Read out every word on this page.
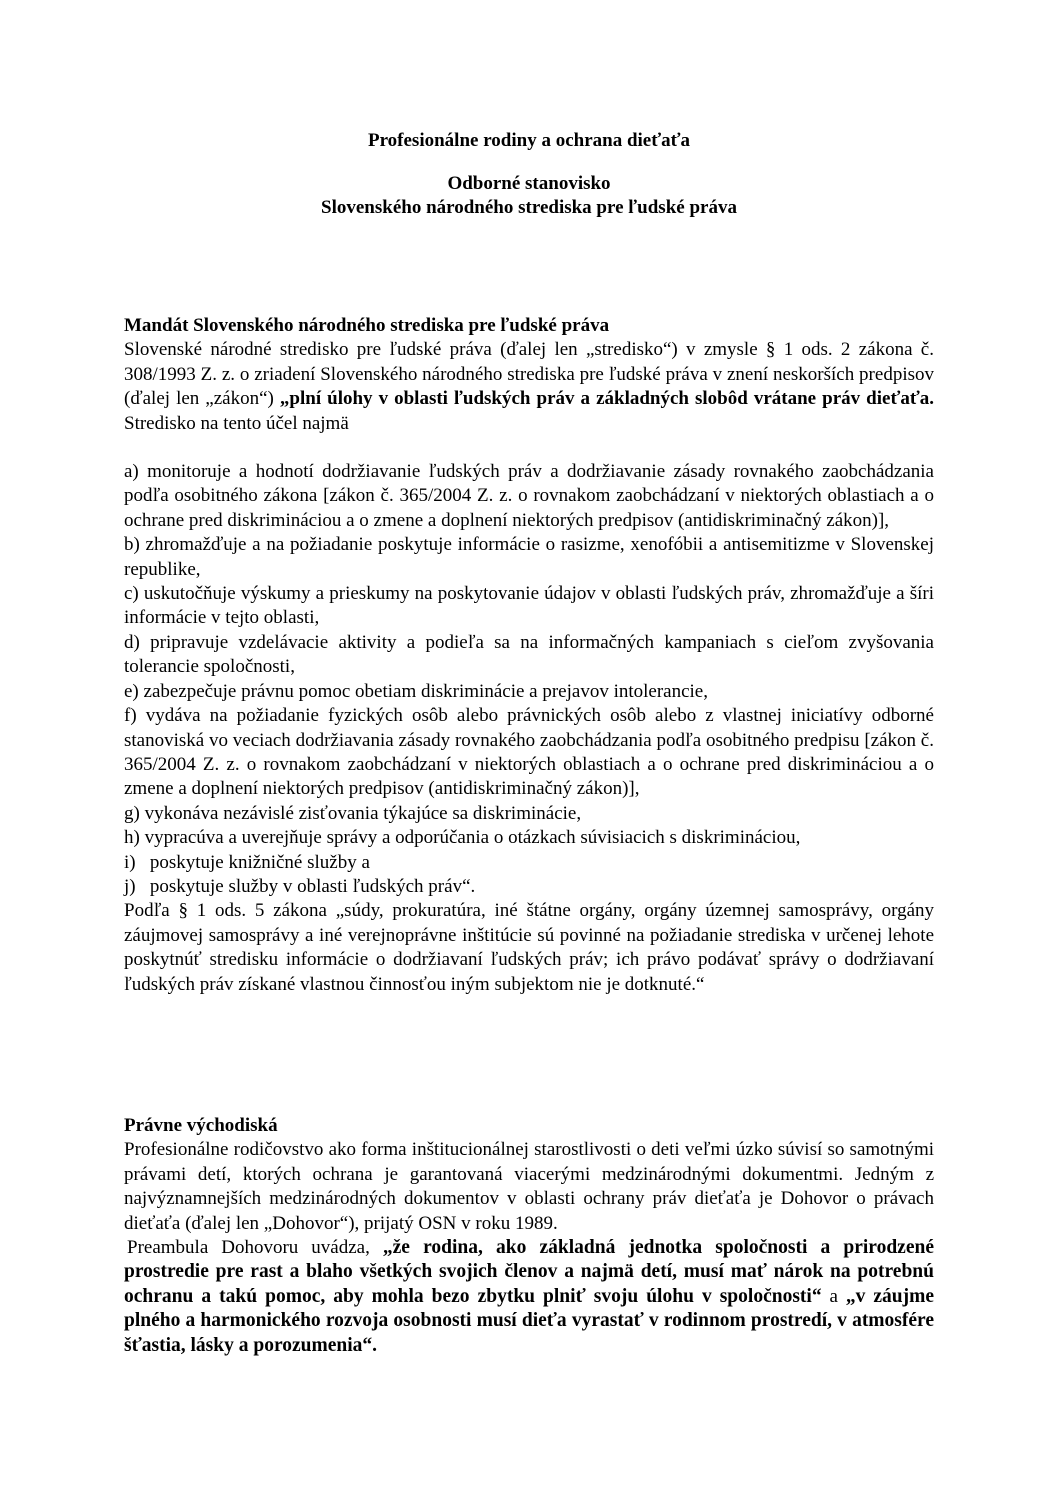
Profesionálne rodiny a ochrana dieťaťa
Odborné stanovisko
Slovenského národného strediska pre ľudské práva
Mandát Slovenského národného strediska pre ľudské práva
Slovenské národné stredisko pre ľudské práva (ďalej len „stredisko“) v zmysle § 1 ods. 2 zákona č. 308/1993 Z. z. o zriadení Slovenského národného strediska pre ľudské práva v znení neskorších predpisov (ďalej len „zákon“) „plní úlohy v oblasti ľudských práv a základných slobôd vrátane práv dieťaťa. Stredisko na tento účel najmä
a) monitoruje a hodnotí dodržiavanie ľudských práv a dodržiavanie zásady rovnakého zaobchádzania podľa osobitného zákona [zákon č. 365/2004 Z. z. o rovnakom zaobchádzaní v niektorých oblastiach a o ochrane pred diskrimináciou a o zmene a doplnení niektorých predpisov (antidiskriminačný zákon)],
b) zhromažďuje a na požiadanie poskytuje informácie o rasizme, xenofóbii a antisemitizme v Slovenskej republike,
c) uskutočňuje výskumy a prieskumy na poskytovanie údajov v oblasti ľudských práv, zhromažďuje a šíri informácie v tejto oblasti,
d) pripravuje vzdelávacie aktivity a podieľa sa na informačných kampaniach s cieľom zvyšovania tolerancie spoločnosti,
e) zabezpečuje právnu pomoc obetiam diskriminácie a prejavov intolerancie,
f) vydáva na požiadanie fyzických osôb alebo právnických osôb alebo z vlastnej iniciatívy odborné stanoviská vo veciach dodržiavania zásady rovnakého zaobchádzania podľa osobitného predpisu [zákon č. 365/2004 Z. z. o rovnakom zaobchádzaní v niektorých oblastiach a o ochrane pred diskrimináciou a o zmene a doplnení niektorých predpisov (antidiskriminačný zákon)],
g) vykonáva nezávislé zisťovania týkajúce sa diskriminácie,
h) vypracúva a uverejňuje správy a odporúčania o otázkach súvisiacich s diskrimináciou,
i)   poskytuje knižničné služby a
j)   poskytuje služby v oblasti ľudských práv“.
Podľa § 1 ods. 5 zákona „súdy, prokuratúra, iné štátne orgány, orgány územnej samosprávy, orgány záujmovej samosprávy a iné verejnoprávne inštitúcie sú povinné na požiadanie strediska v určenej lehote poskytnúť stredisku informácie o dodržiavaní ľudských práv; ich právo podávať správy o dodržiavaní ľudských práv získané vlastnou činnosťou iným subjektom nie je dotknuté.“
Právne východiská
Profesionálne rodičovstvo ako forma inštitucionálnej starostlivosti o deti veľmi úzko súvisí so samotnými právami detí, ktorých ochrana je garantovaná viacerými medzinárodnými dokumentmi. Jedným z najvýznamnejších medzinárodných dokumentov v oblasti ochrany práv dieťaťa je Dohovor o právach dieťaťa (ďalej len „Dohovor“), prijatý OSN v roku 1989.
Preambula Dohovoru uvádza, „že rodina, ako základná jednotka spoločnosti a prirodzené prostredie pre rast a blaho všetkých svojich členov a najmä detí, musí mať nárok na potrebnú ochranu a takú pomoc, aby mohla bezo zbytku plniť svoju úlohu v spoločnosti“ a „v záujme plného a harmonického rozvoja osobnosti musí dieťa vyrastať v rodinnom prostredí, v atmosfére šťastia, lásky a porozumenia“.
